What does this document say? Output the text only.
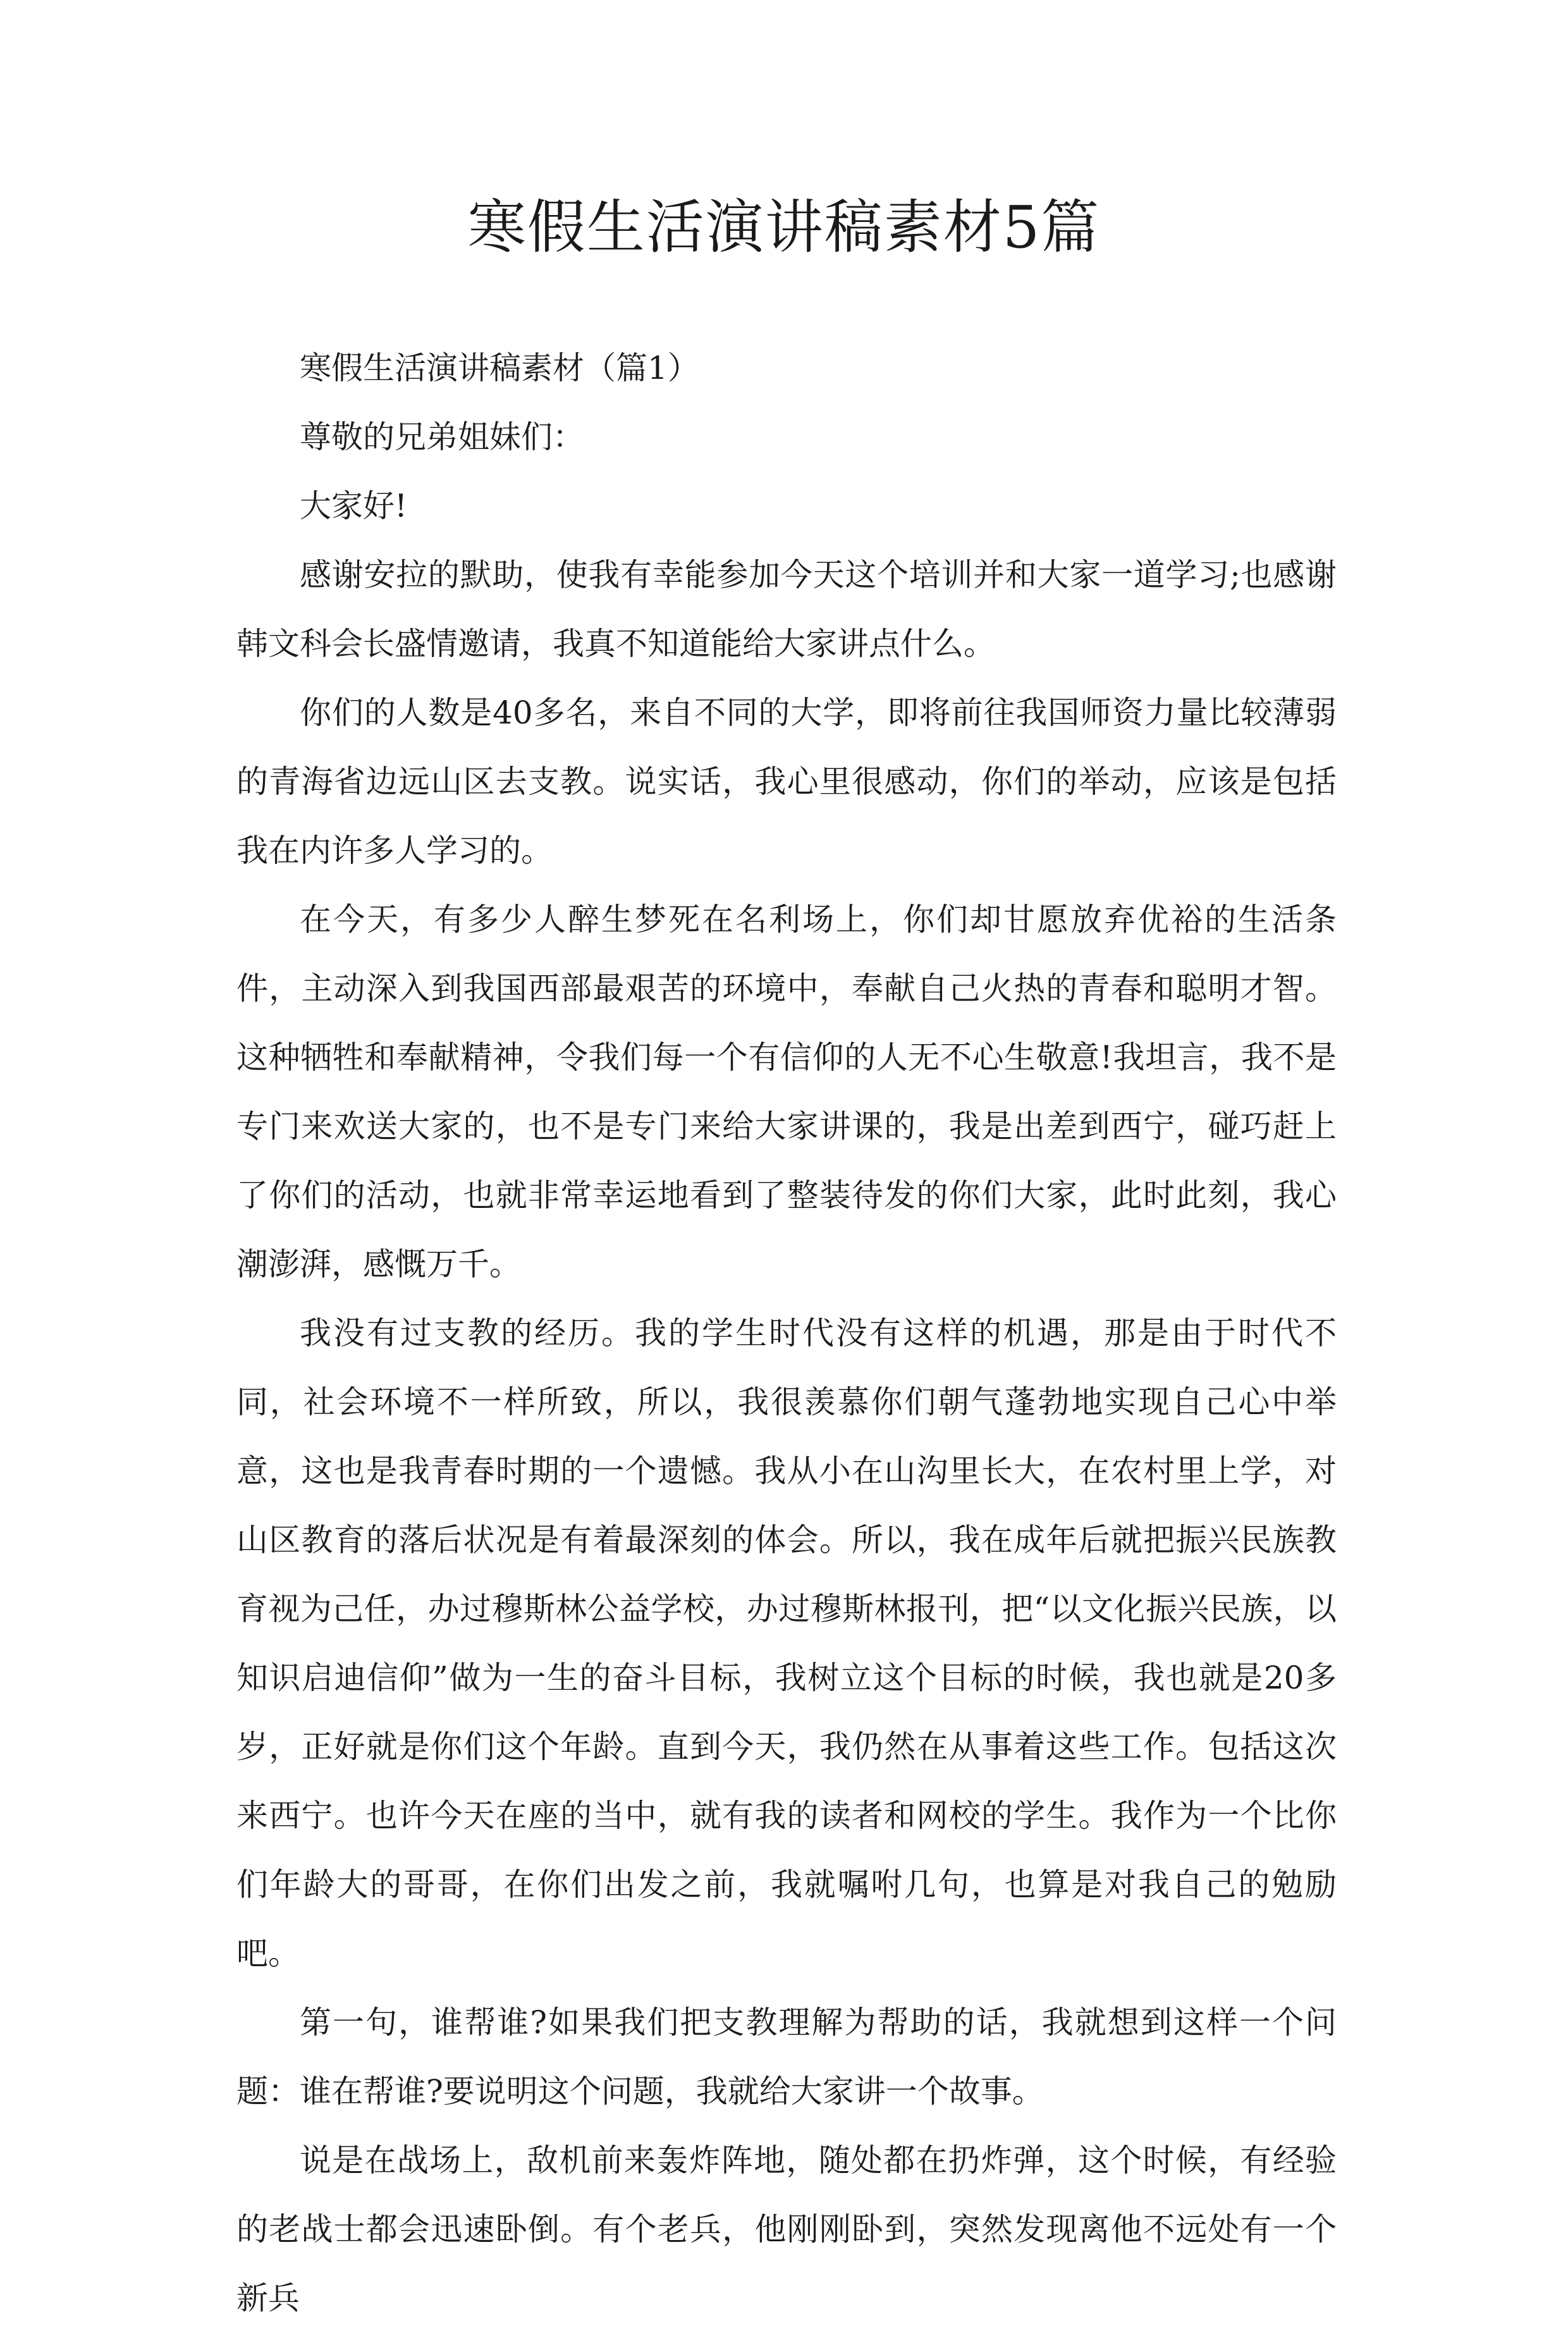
寒假生活演讲稿素材5篇

寒假生活演讲稿素材（篇1）

尊敬的兄弟姐妹们：

大家好!

感谢安拉的默助，使我有幸能参加今天这个培训并和大家一道学习;也感谢韩文科会长盛情邀请，我真不知道能给大家讲点什么。

你们的人数是40多名，来自不同的大学，即将前往我国师资力量比较薄弱的青海省边远山区去支教。说实话，我心里很感动，你们的举动，应该是包括我在内许多人学习的。

在今天，有多少人醉生梦死在名利场上，你们却甘愿放弃优裕的生活条件，主动深入到我国西部最艰苦的环境中，奉献自己火热的青春和聪明才智。这种牺牲和奉献精神，令我们每一个有信仰的人无不心生敬意!我坦言，我不是专门来欢送大家的，也不是专门来给大家讲课的，我是出差到西宁，碰巧赶上了你们的活动，也就非常幸运地看到了整装待发的你们大家，此时此刻，我心潮澎湃，感慨万千。

我没有过支教的经历。我的学生时代没有这样的机遇，那是由于时代不同，社会环境不一样所致，所以，我很羡慕你们朝气蓬勃地实现自己心中举意，这也是我青春时期的一个遗憾。我从小在山沟里长大，在农村里上学，对山区教育的落后状况是有着最深刻的体会。所以，我在成年后就把振兴民族教育视为己任，办过穆斯林公益学校，办过穆斯林报刊，把“以文化振兴民族，以知识启迪信仰”做为一生的奋斗目标，我树立这个目标的时候，我也就是20多岁，正好就是你们这个年龄。直到今天，我仍然在从事着这些工作。包括这次来西宁。也许今天在座的当中，就有我的读者和网校的学生。我作为一个比你们年龄大的哥哥，在你们出发之前，我就嘱咐几句，也算是对我自己的勉励吧。

第一句，谁帮谁?如果我们把支教理解为帮助的话，我就想到这样一个问题：谁在帮谁?要说明这个问题，我就给大家讲一个故事。

说是在战场上，敌机前来轰炸阵地，随处都在扔炸弹，这个时候，有经验的老战士都会迅速卧倒。有个老兵，他刚刚卧到，突然发现离他不远处有一个新兵
